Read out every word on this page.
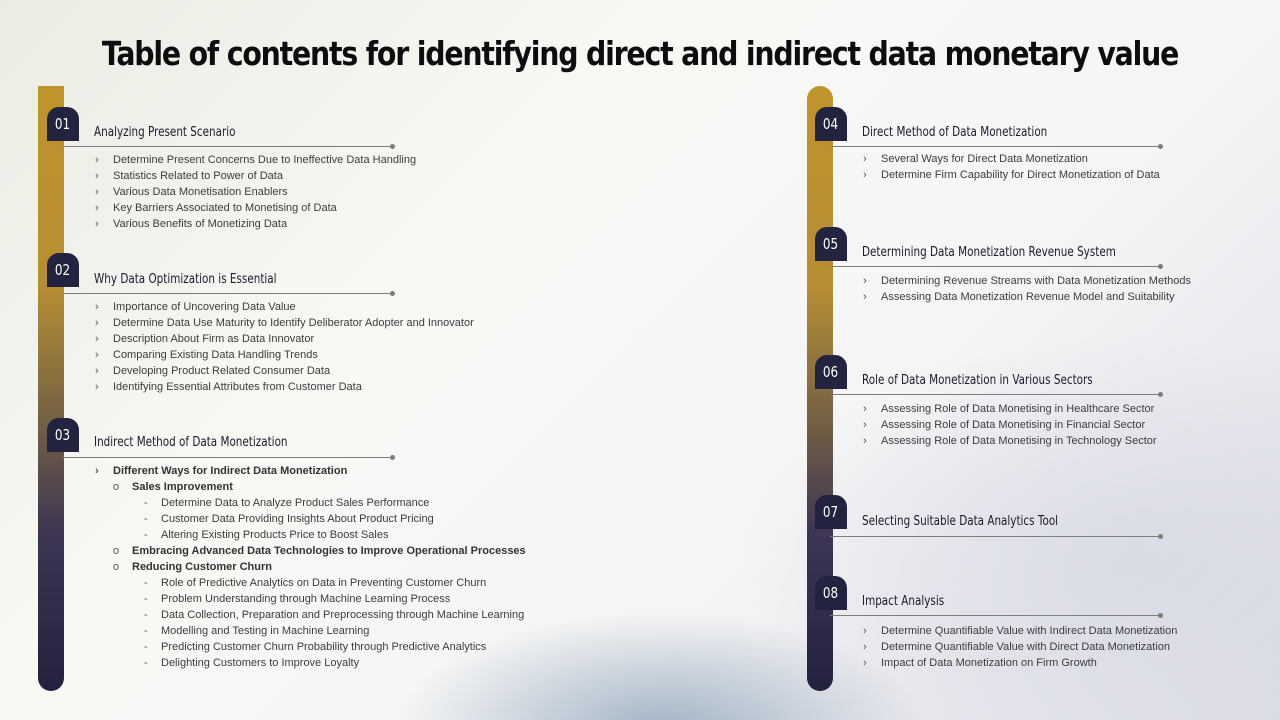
Table of contents for identifying direct and indirect data monetary value
01 Analyzing Present Scenario
› Determine Present Concerns Due to Ineffective Data Handling
› Statistics Related to Power of Data
› Various Data Monetisation Enablers
› Key Barriers Associated to Monetising of Data
› Various Benefits of Monetizing Data
02
Why Data Optimization is Essential
› Importance of Uncovering Data Value
› Determine Data Use Maturity to Identify Deliberator Adopter and Innovator
› Description About Firm as Data Innovator
› Comparing Existing Data Handling Trends
› Developing Product Related Consumer Data
› Identifying Essential Attributes from Customer Data
03 Indirect Method of Data Monetization
› Different Ways for Indirect Data Monetization
o Sales Improvement
- Determine Data to Analyze Product Sales Performance
- Customer Data Providing Insights About Product Pricing
- Altering Existing Products Price to Boost Sales
o Embracing Advanced Data Technologies to Improve Operational Processes
o Reducing Customer Churn
- Role of Predictive Analytics on Data in Preventing Customer Churn
- Problem Understanding through Machine Learning Process
- Data Collection, Preparation and Preprocessing through Machine Learning
- Modelling and Testing in Machine Learning
- Predicting Customer Churn Probability through Predictive Analytics
- Delighting Customers to Improve Loyalty
04 Direct Method of Data Monetization
› Several Ways for Direct Data Monetization
› Determine Firm Capability for Direct Monetization of Data
05 Determining Data Monetization Revenue System
› Determining Revenue Streams with Data Monetization Methods
› Assessing Data Monetization Revenue Model and Suitability
06 Role of Data Monetization in Various Sectors
› Assessing Role of Data Monetising in Healthcare Sector
› Assessing Role of Data Monetising in Financial Sector
› Assessing Role of Data Monetising in Technology Sector
07
Selecting Suitable Data Analytics Tool
08 Impact Analysis
› Determine Quantifiable Value with Indirect Data Monetization
› Determine Quantifiable Value with Direct Data Monetization
› Impact of Data Monetization on Firm Growth
